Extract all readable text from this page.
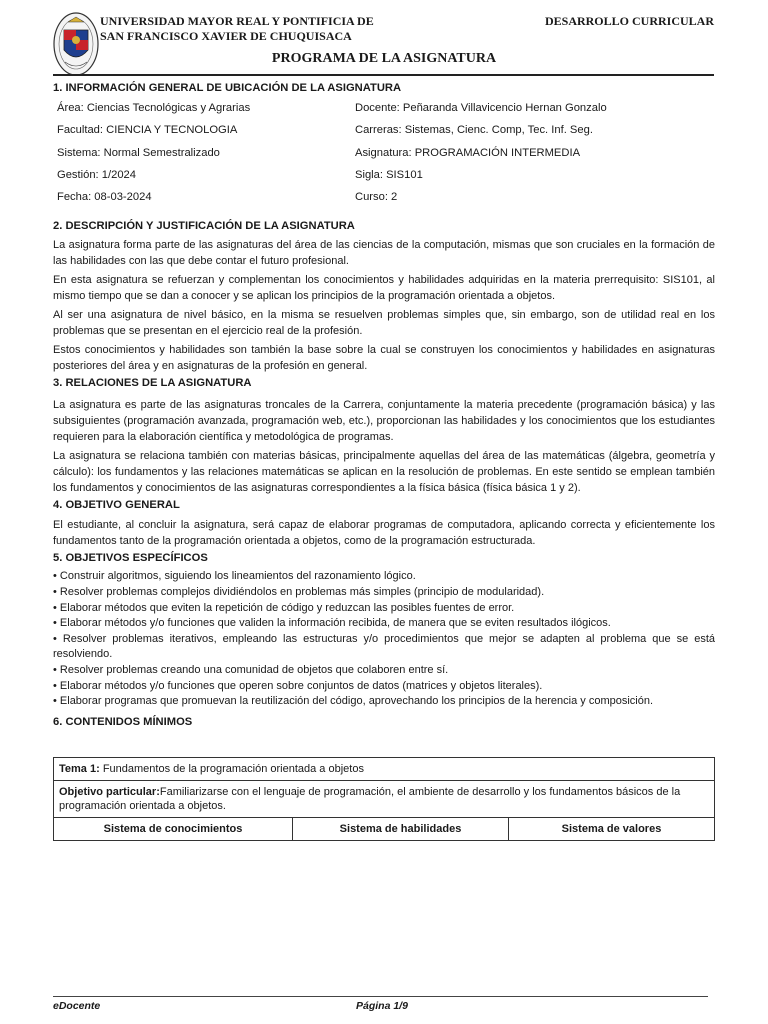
UNIVERSIDAD MAYOR REAL Y PONTIFICIA DE
SAN FRANCISCO XAVIER DE CHUQUISACA
DESARROLLO CURRICULAR
PROGRAMA DE LA ASIGNATURA
1. INFORMACIÓN GENERAL DE UBICACIÓN DE LA ASIGNATURA
Área: Ciencias Tecnológicas y Agrarias	Docente: Peñaranda Villavicencio Hernan Gonzalo
Facultad: CIENCIA Y TECNOLOGIA	Carreras: Sistemas, Cienc. Comp, Tec. Inf. Seg.
Sistema: Normal Semestralizado	Asignatura: PROGRAMACIÓN INTERMEDIA
Gestión: 1/2024	Sigla: SIS101
Fecha: 08-03-2024	Curso: 2
2. DESCRIPCIÓN Y JUSTIFICACIÓN DE LA ASIGNATURA

La asignatura forma parte de las asignaturas del área de las ciencias de la computación, mismas que son cruciales en la formación de las habilidades con las que debe contar el futuro profesional.

En esta asignatura se refuerzan y complementan los conocimientos y habilidades adquiridas en la materia prerrequisito: SIS101, al mismo tiempo que se dan a conocer y se aplican los principios de la programación orientada a objetos.

Al ser una asignatura de nivel básico, en la misma se resuelven problemas simples que, sin embargo, son de utilidad real en los problemas que se presentan en el ejercicio real de la profesión.

Estos conocimientos y habilidades son también la base sobre la cual se construyen los conocimientos y habilidades en asignaturas posteriores del área y en asignaturas de la profesión en general.

3. RELACIONES DE LA ASIGNATURA

La asignatura es parte de las asignaturas troncales de la Carrera, conjuntamente la materia precedente (programación básica) y las subsiguientes (programación avanzada, programación web, etc.), proporcionan las habilidades y los conocimientos que los estudiantes requieren para la elaboración científica y metodológica de programas.

La asignatura se relaciona también con materias básicas, principalmente aquellas del área de las matemáticas (álgebra, geometría y cálculo): los fundamentos y las relaciones matemáticas se aplican en la resolución de problemas. En este sentido se emplean también los fundamentos y conocimientos de las asignaturas correspondientes a la física básica (física básica 1 y 2).

4. OBJETIVO GENERAL

El estudiante, al concluir la asignatura, será capaz de elaborar programas de computadora, aplicando correcta y eficientemente los fundamentos tanto de la programación orientada a objetos, como de la programación estructurada.

5. OBJETIVOS ESPECÍFICOS
• Construir algoritmos, siguiendo los lineamientos del razonamiento lógico.
• Resolver problemas complejos dividiéndolos en problemas más simples (principio de modularidad).
• Elaborar métodos que eviten la repetición de código y reduzcan las posibles fuentes de error.
• Elaborar métodos y/o funciones que validen la información recibida, de manera que se eviten resultados ilógicos.
• Resolver problemas iterativos, empleando las estructuras y/o procedimientos que mejor se adapten al problema que se está resolviendo.
• Resolver problemas creando una comunidad de objetos que colaboren entre sí.
• Elaborar métodos y/o funciones que operen sobre conjuntos de datos (matrices y objetos literales).
• Elaborar programas que promuevan la reutilización del código, aprovechando los principios de la herencia y composición.
6. CONTENIDOS MÍNIMOS
Tema 1: Fundamentos de la programación orientada a objetos
Objetivo particular:Familiarizarse con el lenguaje de programación, el ambiente de desarrollo y los fundamentos básicos de la programación orientada a objetos.
Sistema de conocimientos	Sistema de habilidades	Sistema de valores
eDocente	Página 1/9
